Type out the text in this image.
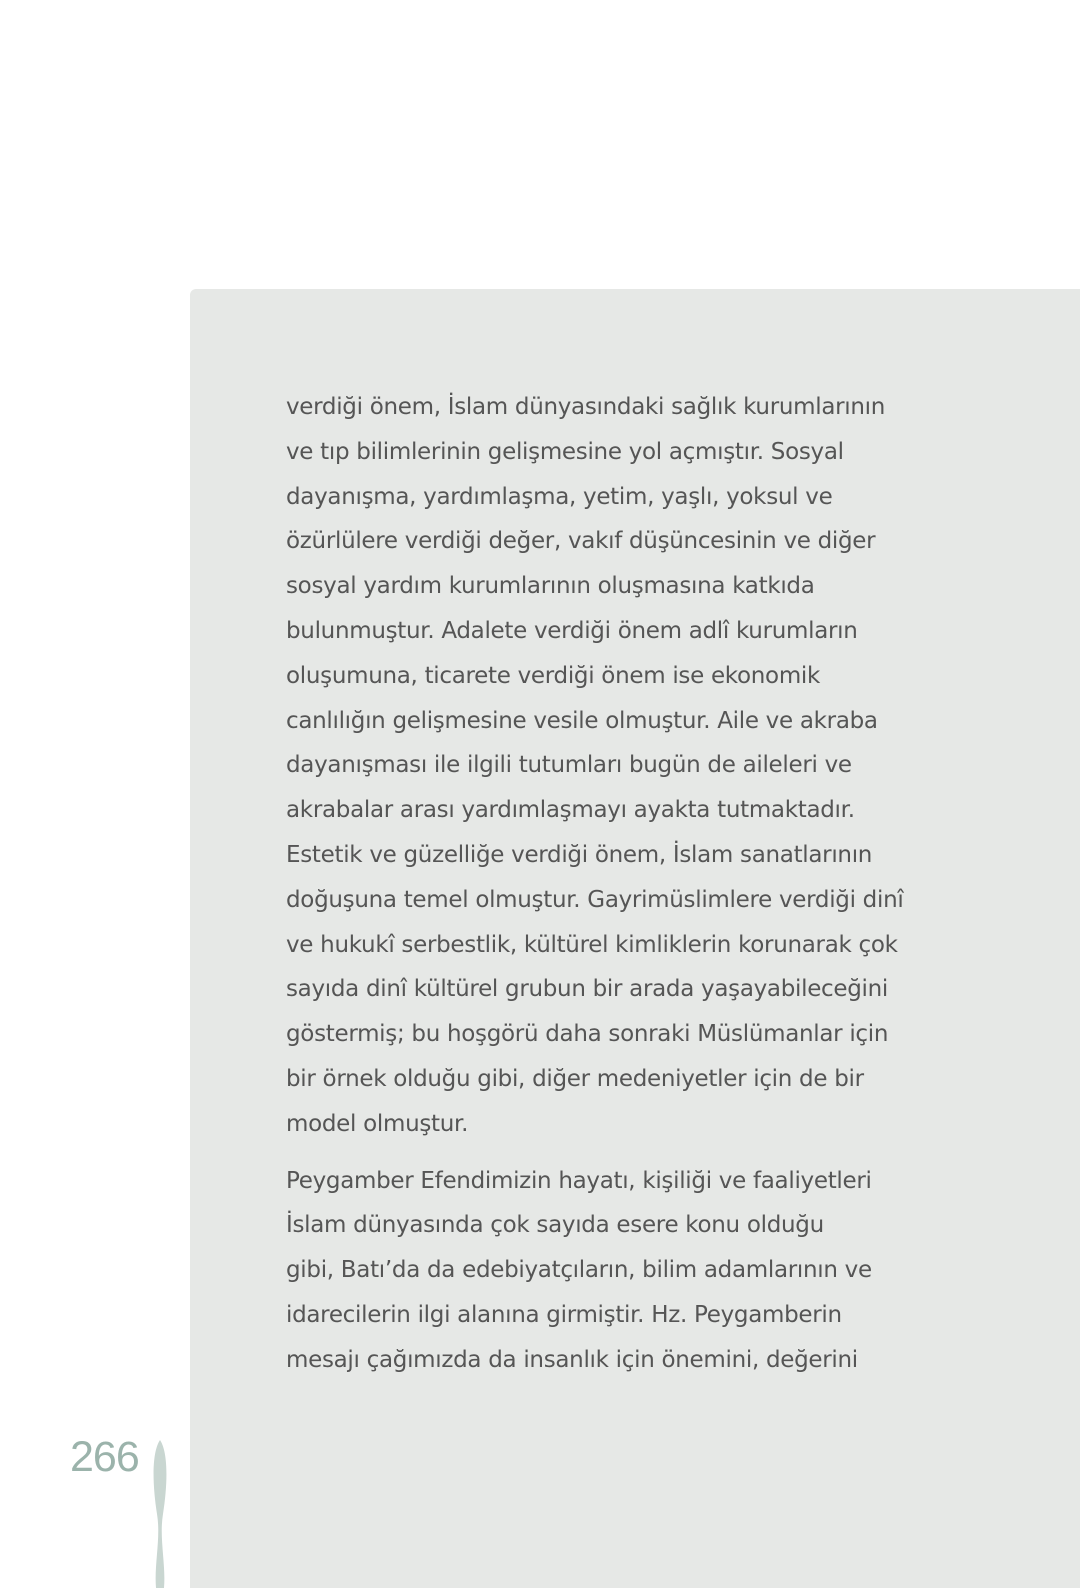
verdiği önem, İslam dünyasındaki sağlık kurumlarının
ve tıp bilimlerinin gelişmesine yol açmıştır. Sosyal
dayanışma, yardımlaşma, yetim, yaşlı, yoksul ve
özürlülere verdiği değer, vakıf düşüncesinin ve diğer
sosyal yardım kurumlarının oluşmasına katkıda
bulunmuştur. Adalete verdiği önem adlî kurumların
oluşumuna, ticarete verdiği önem ise ekonomik
canlılığın gelişmesine vesile olmuştur. Aile ve akraba
dayanışması ile ilgili tutumları bugün de aileleri ve
akrabalar arası yardımlaşmayı ayakta tutmaktadır.
Estetik ve güzelliğe verdiği önem, İslam sanatlarının
doğuşuna temel olmuştur. Gayrimüslimlere verdiği dinî
ve hukukî serbestlik, kültürel kimliklerin korunarak çok
sayıda dinî kültürel grubun bir arada yaşayabileceğini
göstermiş; bu hoşgörü daha sonraki Müslümanlar için
bir örnek olduğu gibi, diğer medeniyetler için de bir
model olmuştur.

Peygamber Efendimizin hayatı, kişiliği ve faaliyetleri
İslam dünyasında çok sayıda esere konu olduğu
gibi, Batı’da da edebiyatçıların, bilim adamlarının ve
idarecilerin ilgi alanına girmiştir. Hz. Peygamberin
mesajı çağımızda da insanlık için önemini, değerini

266
